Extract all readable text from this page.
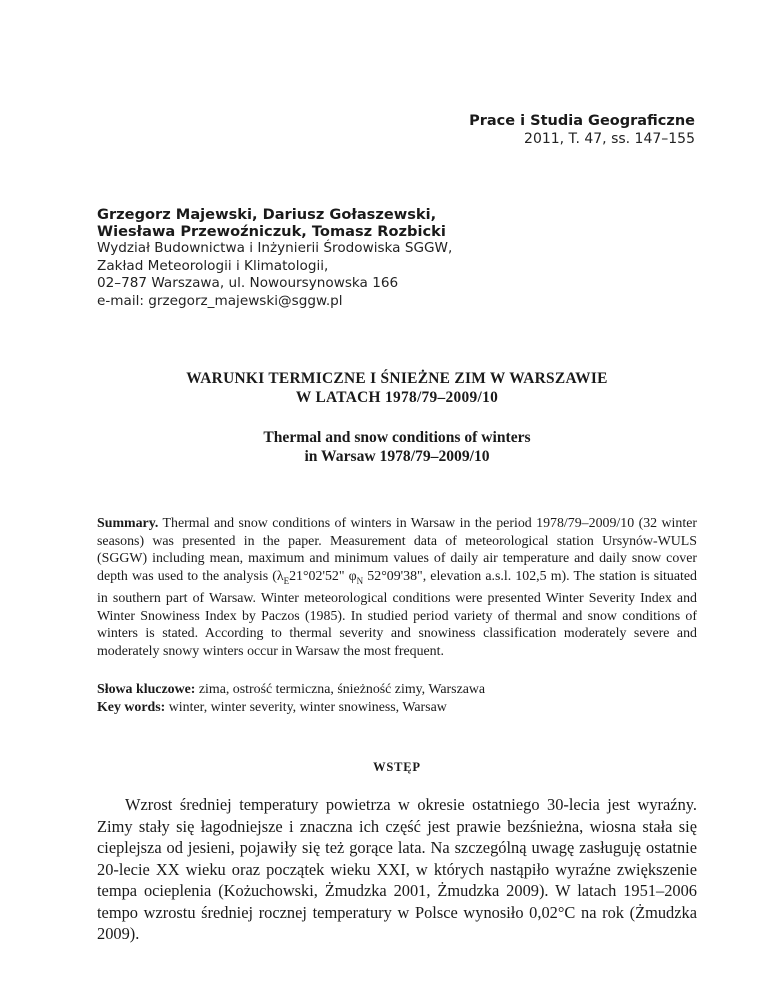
Prace i Studia Geograficzne
2011, T. 47, ss. 147–155
Grzegorz Majewski, Dariusz Gołaszewski,
Wiesława Przewoźniczuk, Tomasz Rozbicki
Wydział Budownictwa i Inżynierii Środowiska SGGW,
Zakład Meteorologii i Klimatologii,
02–787 Warszawa, ul. Nowoursynowska 166
e-mail: grzegorz_majewski@sggw.pl
WARUNKI TERMICZNE I ŚNIEŻNE ZIM W WARSZAWIE
W LATACH 1978/79–2009/10
Thermal and snow conditions of winters
in Warsaw 1978/79–2009/10
Summary. Thermal and snow conditions of winters in Warsaw in the period 1978/79–2009/10 (32 winter seasons) was presented in the paper. Measurement data of meteorological station Ursynów-WULS (SGGW) including mean, maximum and minimum values of daily air temperature and daily snow cover depth was used to the analysis ($\lambda_E21^\circ 02'52$" $\varphi_N$ 52°09'38", elevation a.s.l. 102,5 m). The station is situated in southern part of Warsaw. Winter meteorological conditions were presented Winter Severity Index and Winter Snowiness Index by Paczos (1985). In studied period variety of thermal and snow conditions of winters is stated. According to thermal severity and snowiness classification moderately severe and moderately snowy winters occur in Warsaw the most frequent.
Słowa kluczowe: zima, ostrość termiczna, śnieżność zimy, Warszawa
Key words: winter, winter severity, winter snowiness, Warsaw
WSTĘP
Wzrost średniej temperatury powietrza w okresie ostatniego 30-lecia jest wyraźny. Zimy stały się łagodniejsze i znaczna ich część jest prawie bezśnieżna, wiosna stała się cieplejsza od jesieni, pojawiły się też gorące lata. Na szczególną uwagę zasługuję ostatnie 20-lecie XX wieku oraz początek wieku XXI, w których nastąpiło wyraźne zwiększenie tempa ocieplenia (Kożuchowski, Żmudzka 2001, Żmudzka 2009). W latach 1951–2006 tempo wzrostu średniej rocznej temperatury w Polsce wynosiło 0,02°C na rok (Żmudzka 2009).
